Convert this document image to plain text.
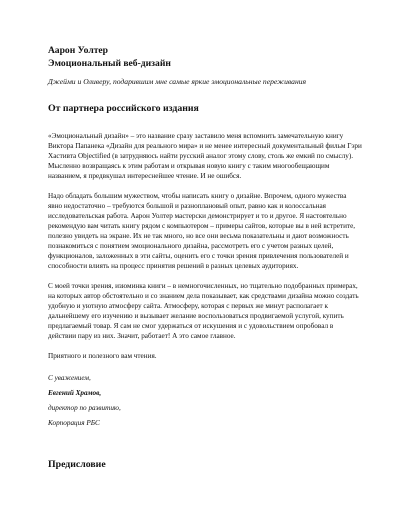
Аарон Уолтер

Эмоциональный веб-дизайн

Джейми и Оливеру, подарившим мне самые яркие эмоциональные переживания

От партнера российского издания

«Эмоциональный дизайн» – это название сразу заставило меня вспомнить замечательную книгу Виктора Папанека «Дизайн для реального мира» и не менее интересный документальный фильм Гэри Хастивта Objectified (в затрудняюсь найти русский аналог этому слову, столь же емкий по смыслу). Мысленно возвращаясь к этим работам и открывая новую книгу с таким многообещающим названием, я предвкушал интереснейшее чтение. И не ошибся.

Надо обладать большим мужеством, чтобы написать книгу о дизайне. Впрочем, одного мужества явно недостаточно – требуются большой и разноплановый опыт, равно как и колоссальная исследовательская работа. Аарон Уолтер мастерски демонстрирует и то и другое. Я настоятельно рекомендую вам читать книгу рядом с компьютером – примеры сайтов, которые вы в ней встретите, полезно увидеть на экране. Их не так много, но все они весьма показательны и дают возможность познакомиться с понятием эмоционального дизайна, рассмотреть его с учетом разных целей, функционалов, заложенных в эти сайты, оценить его с точки зрения привлечения пользователей и способности влиять на процесс принятия решений в разных целевых аудиториях.

С моей точки зрения, изюминка книги – в немногочисленных, но тщательно подобранных примерах, на которых автор обстоятельно и со знанием дела показывает, как средствами дизайна можно создать удобную и уютную атмосферу сайта. Атмосферу, которая с первых же минут располагает к дальнейшему его изучению и вызывает желание воспользоваться продвигаемой услугой, купить предлагаемый товар. Я сам не смог удержаться от искушения и с удовольствием опробовал в действии пару из них. Значит, работает! А это самое главное.

Приятного и полезного вам чтения.

С уважением,

Евгений Храмов,

директор по развитию,

Корпорация РБС

Предисловие
